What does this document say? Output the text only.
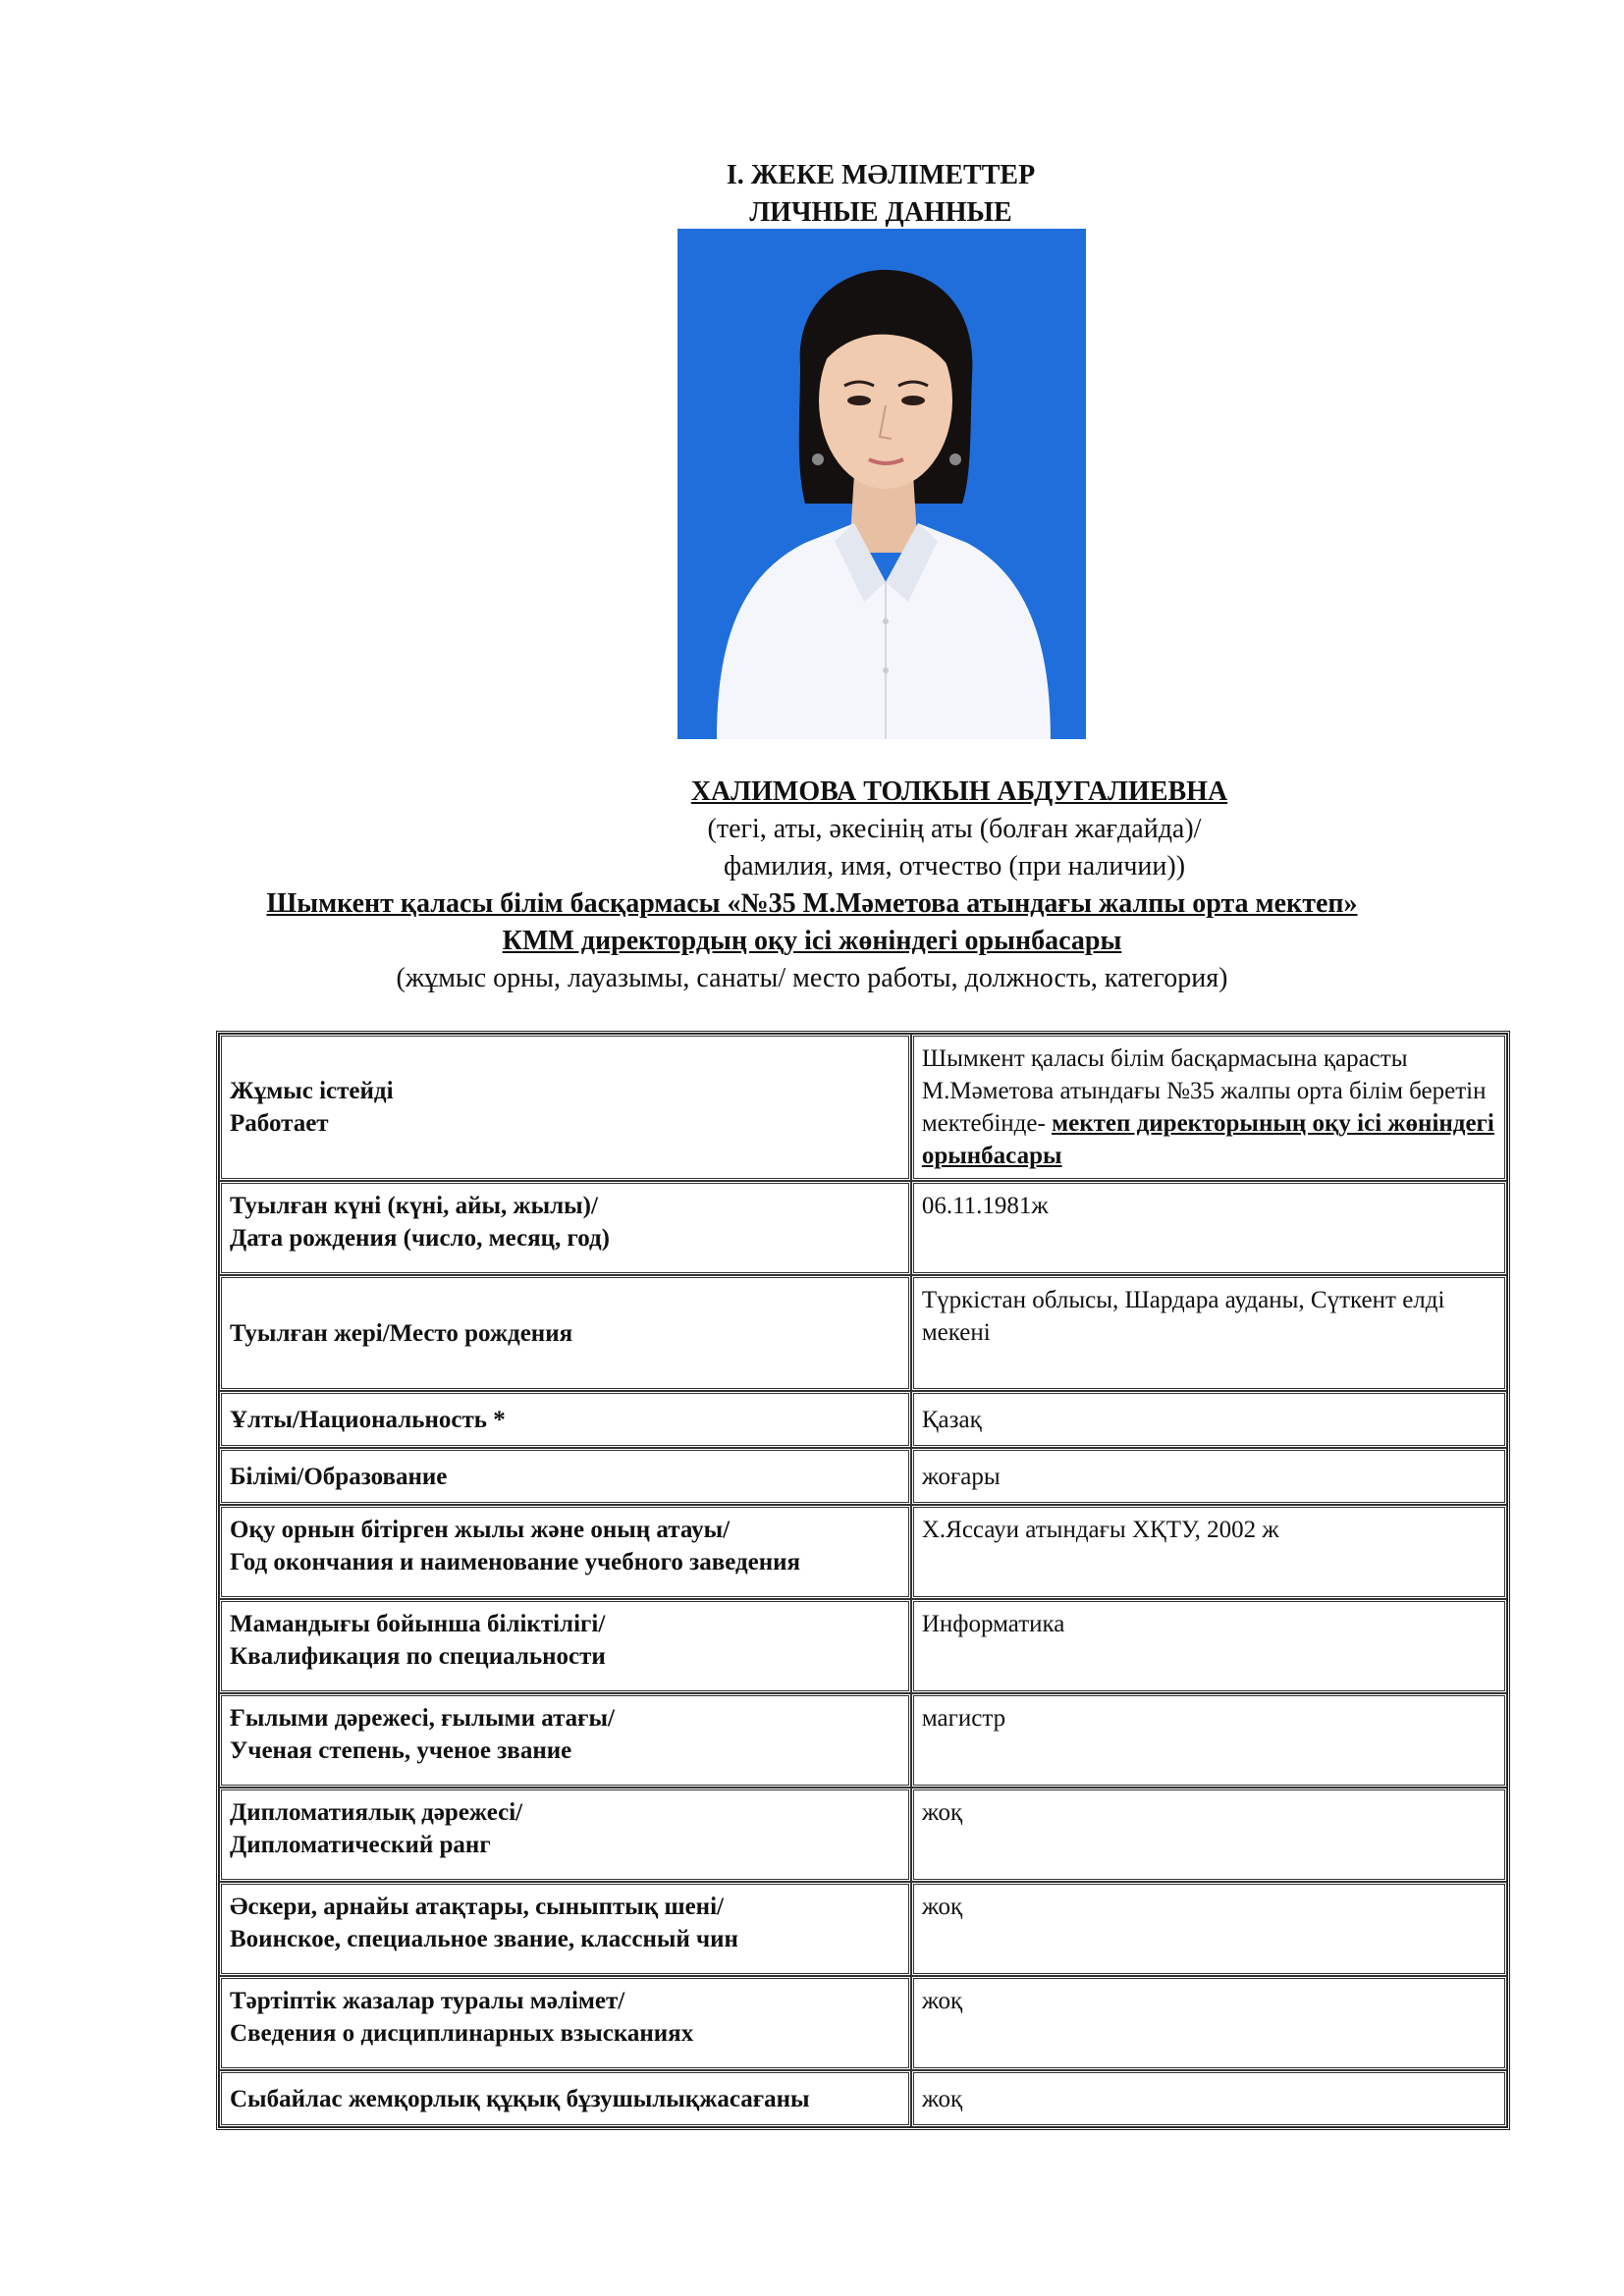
I. ЖЕКЕ МӘЛІМЕТТЕР
ЛИЧНЫЕ ДАННЫЕ
ХАЛИМОВА ТОЛКЫН АБДУГАЛИЕВНА
(тегі, аты, әкесінің аты (болған жағдайда)/
фамилия, имя, отчество (при наличии))
Шымкент қаласы білім басқармасы «№35 М.Мәметова атындағы жалпы орта мектеп»
КММ директордың оқу ісі жөніндегі орынбасары
(жұмыс орны, лауазымы, санаты/ место работы, должность, категория)
Жұмыс істейді
Работает	Шымкент қаласы білім басқармасына қарасты М.Мәметова атындағы №35 жалпы орта білім беретін мектебінде- мектеп директорының оқу ісі жөніндегі орынбасары

Туылған күні (күні, айы, жылы)/
Дата рождения (число, месяц, год)	06.11.1981ж
Туылған жері/Место рождения	Түркістан облысы, Шардара ауданы, Сүткент елді мекені
Ұлты/Национальность *	Қазақ
Білімі/Образование	жоғары

Оқу орнын бітірген жылы және оның атауы/
Год окончания и наименование учебного заведения	Х.Яссауи атындағы ХҚТУ, 2002 ж

Мамандығы бойынша біліктілігі/
Квалификация по специальности	Информатика

Ғылыми дәрежесі, ғылыми атағы/
Ученая степень, ученое звание	магистр

Дипломатиялық дәрежесі/
Дипломатический ранг	жоқ

Әскери, арнайы атақтары, сыныптық шені/
Воинское, специальное звание, классный чин	жоқ

Тәртіптік жазалар туралы мәлімет/
Сведения о дисциплинарных взысканиях	жоқ
Сыбайлас жемқорлық құқық бұзушылықжасағаны	жоқ
